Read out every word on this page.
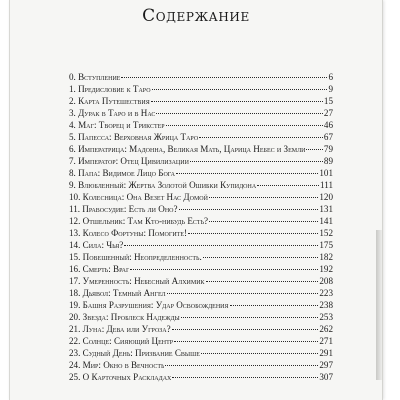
Содержание
0. Вступление	6
1. Предисловие к Таро	9
2. Карта Путешествия	15
3. Дурак в Таро и в Нас	27
4. Маг: Творец и Трикстер	46
5. Папесса: Верховная Жрица Таро	67
6. Императрица: Мадонна, Великая Мать, Царица Небес и Земли 79
7. Император: Отец Цивилизации	89
8. Папа: Видимое Лицо Бога	101
9. Влюбленный: Жертва Золотой Ошибки Купидона	111
10. Колесница: Она Везет Нас Домой	120
11. Правосудие: Есть ли Оно?	131
12. Отшельник: Там Кто-нибудь Есть?	141
13. Колесо Фортуны: Помогите!	152
14. Сила: Чья?	175
15. Повешенный: Неопределенность.	182
16. Смерть: Враг	192
17. Умеренность: Небесный Алхимик	208
18. Дьявол: Темный Ангел	223
19. Башня Разрушения: Удар Освобождения	238
20. Звезда: Проблеск Надежды	253
21. Луна: Дева или Угроза?	262
22. Солнце: Сияющий Центр	271
23. Судный День: Призвание Свыше	291
24. Мир: Окно в Вечность	297
25. О Карточных Раскладах	307
